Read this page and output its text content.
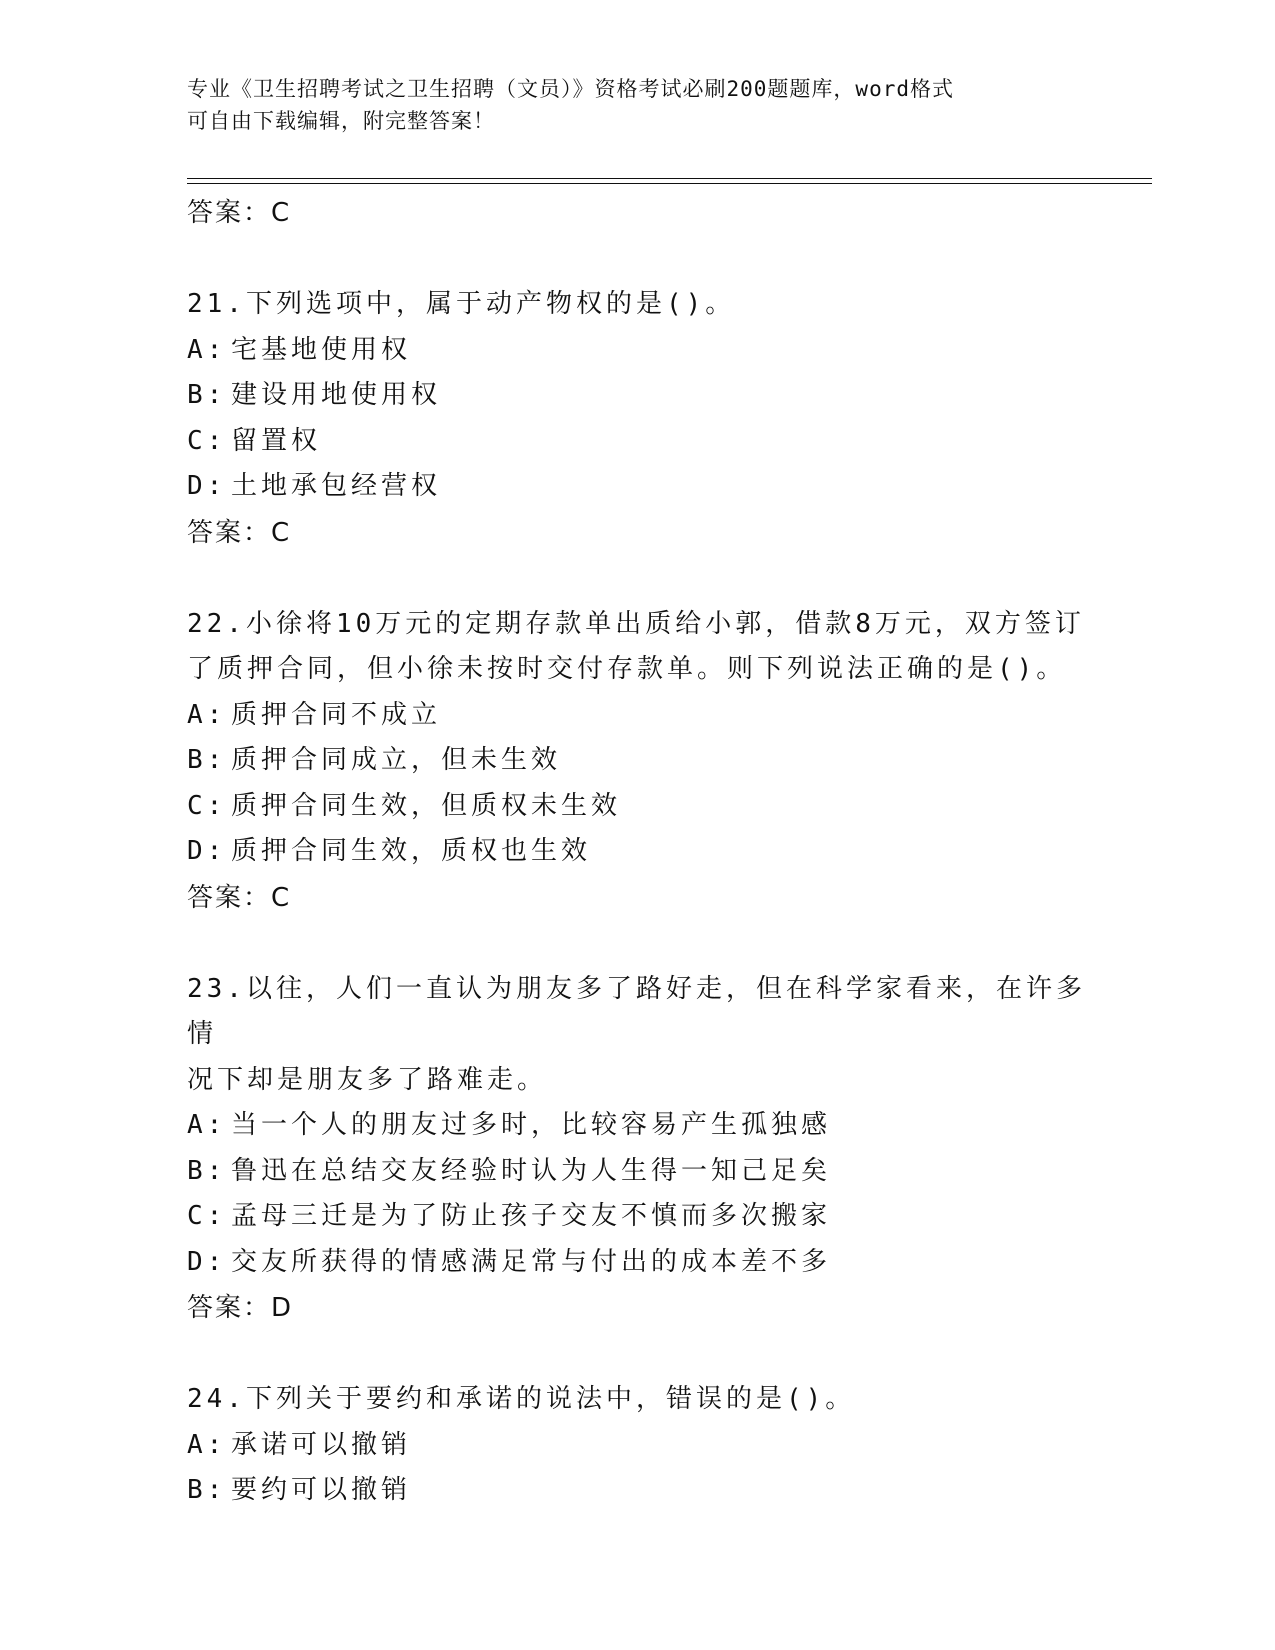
专业《卫生招聘考试之卫生招聘（文员）》资格考试必刷200题题库，word格式
可自由下载编辑，附完整答案！
答案：C
21.下列选项中，属于动产物权的是()。
A: 宅基地使用权
B: 建设用地使用权
C: 留置权
D: 土地承包经营权
答案：C
22.小徐将10万元的定期存款单出质给小郭，借款8万元，双方签订
了质押合同，但小徐未按时交付存款单。则下列说法正确的是()。
A: 质押合同不成立
B: 质押合同成立，但未生效
C: 质押合同生效，但质权未生效
D: 质押合同生效，质权也生效
答案：C
23.以往，人们一直认为朋友多了路好走，但在科学家看来，在许多情
况下却是朋友多了路难走。
A: 当一个人的朋友过多时，比较容易产生孤独感
B: 鲁迅在总结交友经验时认为人生得一知己足矣
C: 孟母三迁是为了防止孩子交友不慎而多次搬家
D: 交友所获得的情感满足常与付出的成本差不多
答案：D
24.下列关于要约和承诺的说法中，错误的是()。
A: 承诺可以撤销
B: 要约可以撤销
